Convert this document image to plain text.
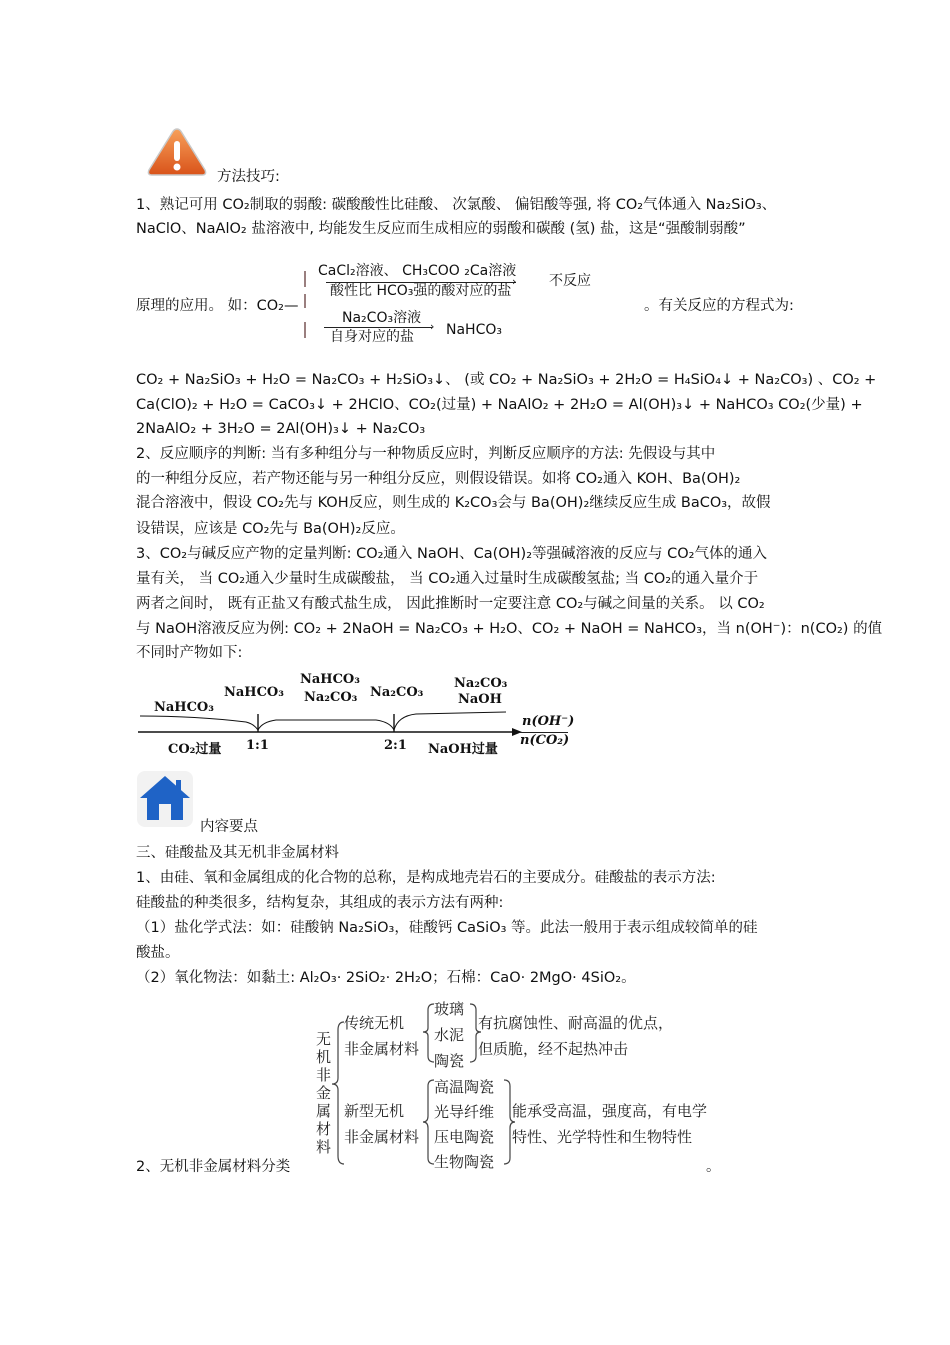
方法技巧:
1、熟记可用 CO₂制取的弱酸: 碳酸酸性比硅酸、 次氯酸、 偏铝酸等强, 将 CO₂气体通入 Na₂SiO₃、
NaClO、NaAlO₂ 盐溶液中, 均能发生反应而生成相应的弱酸和碳酸 (氢) 盐，这是“强酸制弱酸”
CaCl₂溶液、 CH₃COO ₂Ca溶液
›
酸性比 HCO₃强的酸对应的盐
不反应
原理的应用。 如：CO₂—	。有关反应的方程式为:
Na₂CO₃溶液
›
自身对应的盐 NaHCO₃
CO₂ + Na₂SiO₃ + H₂O = Na₂CO₃ + H₂SiO₃↓、 (或 CO₂ + Na₂SiO₃ + 2H₂O = H₄SiO₄↓ + Na₂CO₃) 、CO₂ +
Ca(ClO)₂ + H₂O = CaCO₃↓ + 2HClO、CO₂(过量) + NaAlO₂ + 2H₂O = Al(OH)₃↓ + NaHCO₃ CO₂(少量) +
2NaAlO₂ + 3H₂O = 2Al(OH)₃↓ + Na₂CO₃
2、反应顺序的判断: 当有多种组分与一种物质反应时，判断反应顺序的方法: 先假设与其中
的一种组分反应，若产物还能与另一种组分反应，则假设错误。如将 CO₂通入 KOH、Ba(OH)₂
混合溶液中，假设 CO₂先与 KOH反应，则生成的 K₂CO₃会与 Ba(OH)₂继续反应生成 BaCO₃，故假
设错误，应该是 CO₂先与 Ba(OH)₂反应。
3、CO₂与碱反应产物的定量判断: CO₂通入 NaOH、Ca(OH)₂等强碱溶液的反应与 CO₂气体的通入
量有关， 当 CO₂通入少量时生成碳酸盐， 当 CO₂通入过量时生成碳酸氢盐; 当 CO₂的通入量介于
两者之间时， 既有正盐又有酸式盐生成， 因此推断时一定要注意 CO₂与碱之间量的关系。 以 CO₂
与 NaOH溶液反应为例: CO₂ + 2NaOH = Na₂CO₃ + H₂O、CO₂ + NaOH = NaHCO₃，当 n(OH⁻)：n(CO₂) 的值
不同时产物如下:
NaHCO₃
NaHCO₃
NaHCO₃
Na₂CO₃ Na₂CO₃
Na₂CO₃
NaOH
CO₂过量 1:1	2:1 NaOH过量
n(OH⁻)
n(CO₂)
内容要点
三、硅酸盐及其无机非金属材料
1、由硅、氧和金属组成的化合物的总称，是构成地壳岩石的主要成分。硅酸盐的表示方法:
硅酸盐的种类很多，结构复杂，其组成的表示方法有两种:
（1）盐化学式法：如：硅酸钠 Na₂SiO₃，硅酸钙 CaSiO₃ 等。此法一般用于表示组成较简单的硅
酸盐。
（2）氧化物法：如黏土: Al₂O₃· 2SiO₂· 2H₂O；石棉：CaO· 2MgO· 4SiO₂。
无
机
非
金
属
材
料
传统无机
非金属材料
玻璃
水泥
陶瓷
有抗腐蚀性、耐高温的优点，
但质脆，经不起热冲击
新型无机
非金属材料
高温陶瓷
光导纤维
压电陶瓷
生物陶瓷
能承受高温，强度高，有电学
特性、光学特性和生物特性
2、无机非金属材料分类	。
